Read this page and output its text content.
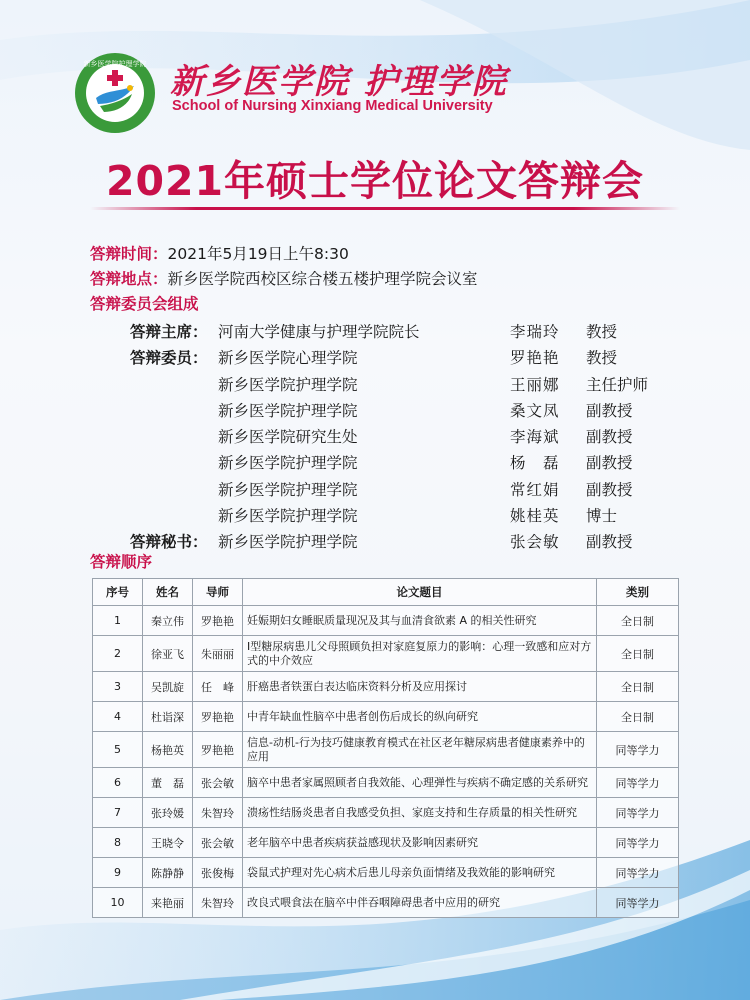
新乡医学院护理学院 新乡医学院 护理学院
School of Nursing Xinxiang Medical University
2021年硕士学位论文答辩会
答辩时间：2021年5月19日上午8:30
答辩地点：新乡医学院西校区综合楼五楼护理学院会议室
答辩委员会组成
答辩主席： 河南大学健康与护理学院院长	李瑞玲 教授
答辩委员： 新乡医学院心理学院	罗艳艳 教授
新乡医学院护理学院	王丽娜 主任护师
新乡医学院护理学院	桑文凤 副教授
新乡医学院研究生处	李海斌 副教授
新乡医学院护理学院	杨　磊 副教授
新乡医学院护理学院	常红娟 副教授
新乡医学院护理学院	姚桂英 博士
答辩秘书： 新乡医学院护理学院	张会敏 副教授
答辩顺序
序号	姓名	导师	论文题目	类别
1	秦立伟	罗艳艳	妊娠期妇女睡眠质量现况及其与血清食欲素 A 的相关性研究	全日制
2	徐亚飞	朱丽丽	Ⅰ型糖尿病患儿父母照顾负担对家庭复原力的影响：心理一致感和应对方式的中介效应	全日制
3	吴凯旋	任　峰	肝癌患者铁蛋白表达临床资料分析及应用探讨	全日制
4	杜诣深	罗艳艳	中青年缺血性脑卒中患者创伤后成长的纵向研究	全日制
5	杨艳英	罗艳艳	信息-动机-行为技巧健康教育模式在社区老年糖尿病患者健康素养中的应用	同等学力
6	董　磊	张会敏	脑卒中患者家属照顾者自我效能、心理弹性与疾病不确定感的关系研究	同等学力
7	张玲媛	朱智玲	溃疡性结肠炎患者自我感受负担、家庭支持和生存质量的相关性研究	同等学力
8	王晓令	张会敏	老年脑卒中患者疾病获益感现状及影响因素研究	同等学力
9	陈静静	张俊梅	袋鼠式护理对先心病术后患儿母亲负面情绪及我效能的影响研究	同等学力
10	来艳丽	朱智玲	改良式喂食法在脑卒中伴吞咽障碍患者中应用的研究	同等学力
